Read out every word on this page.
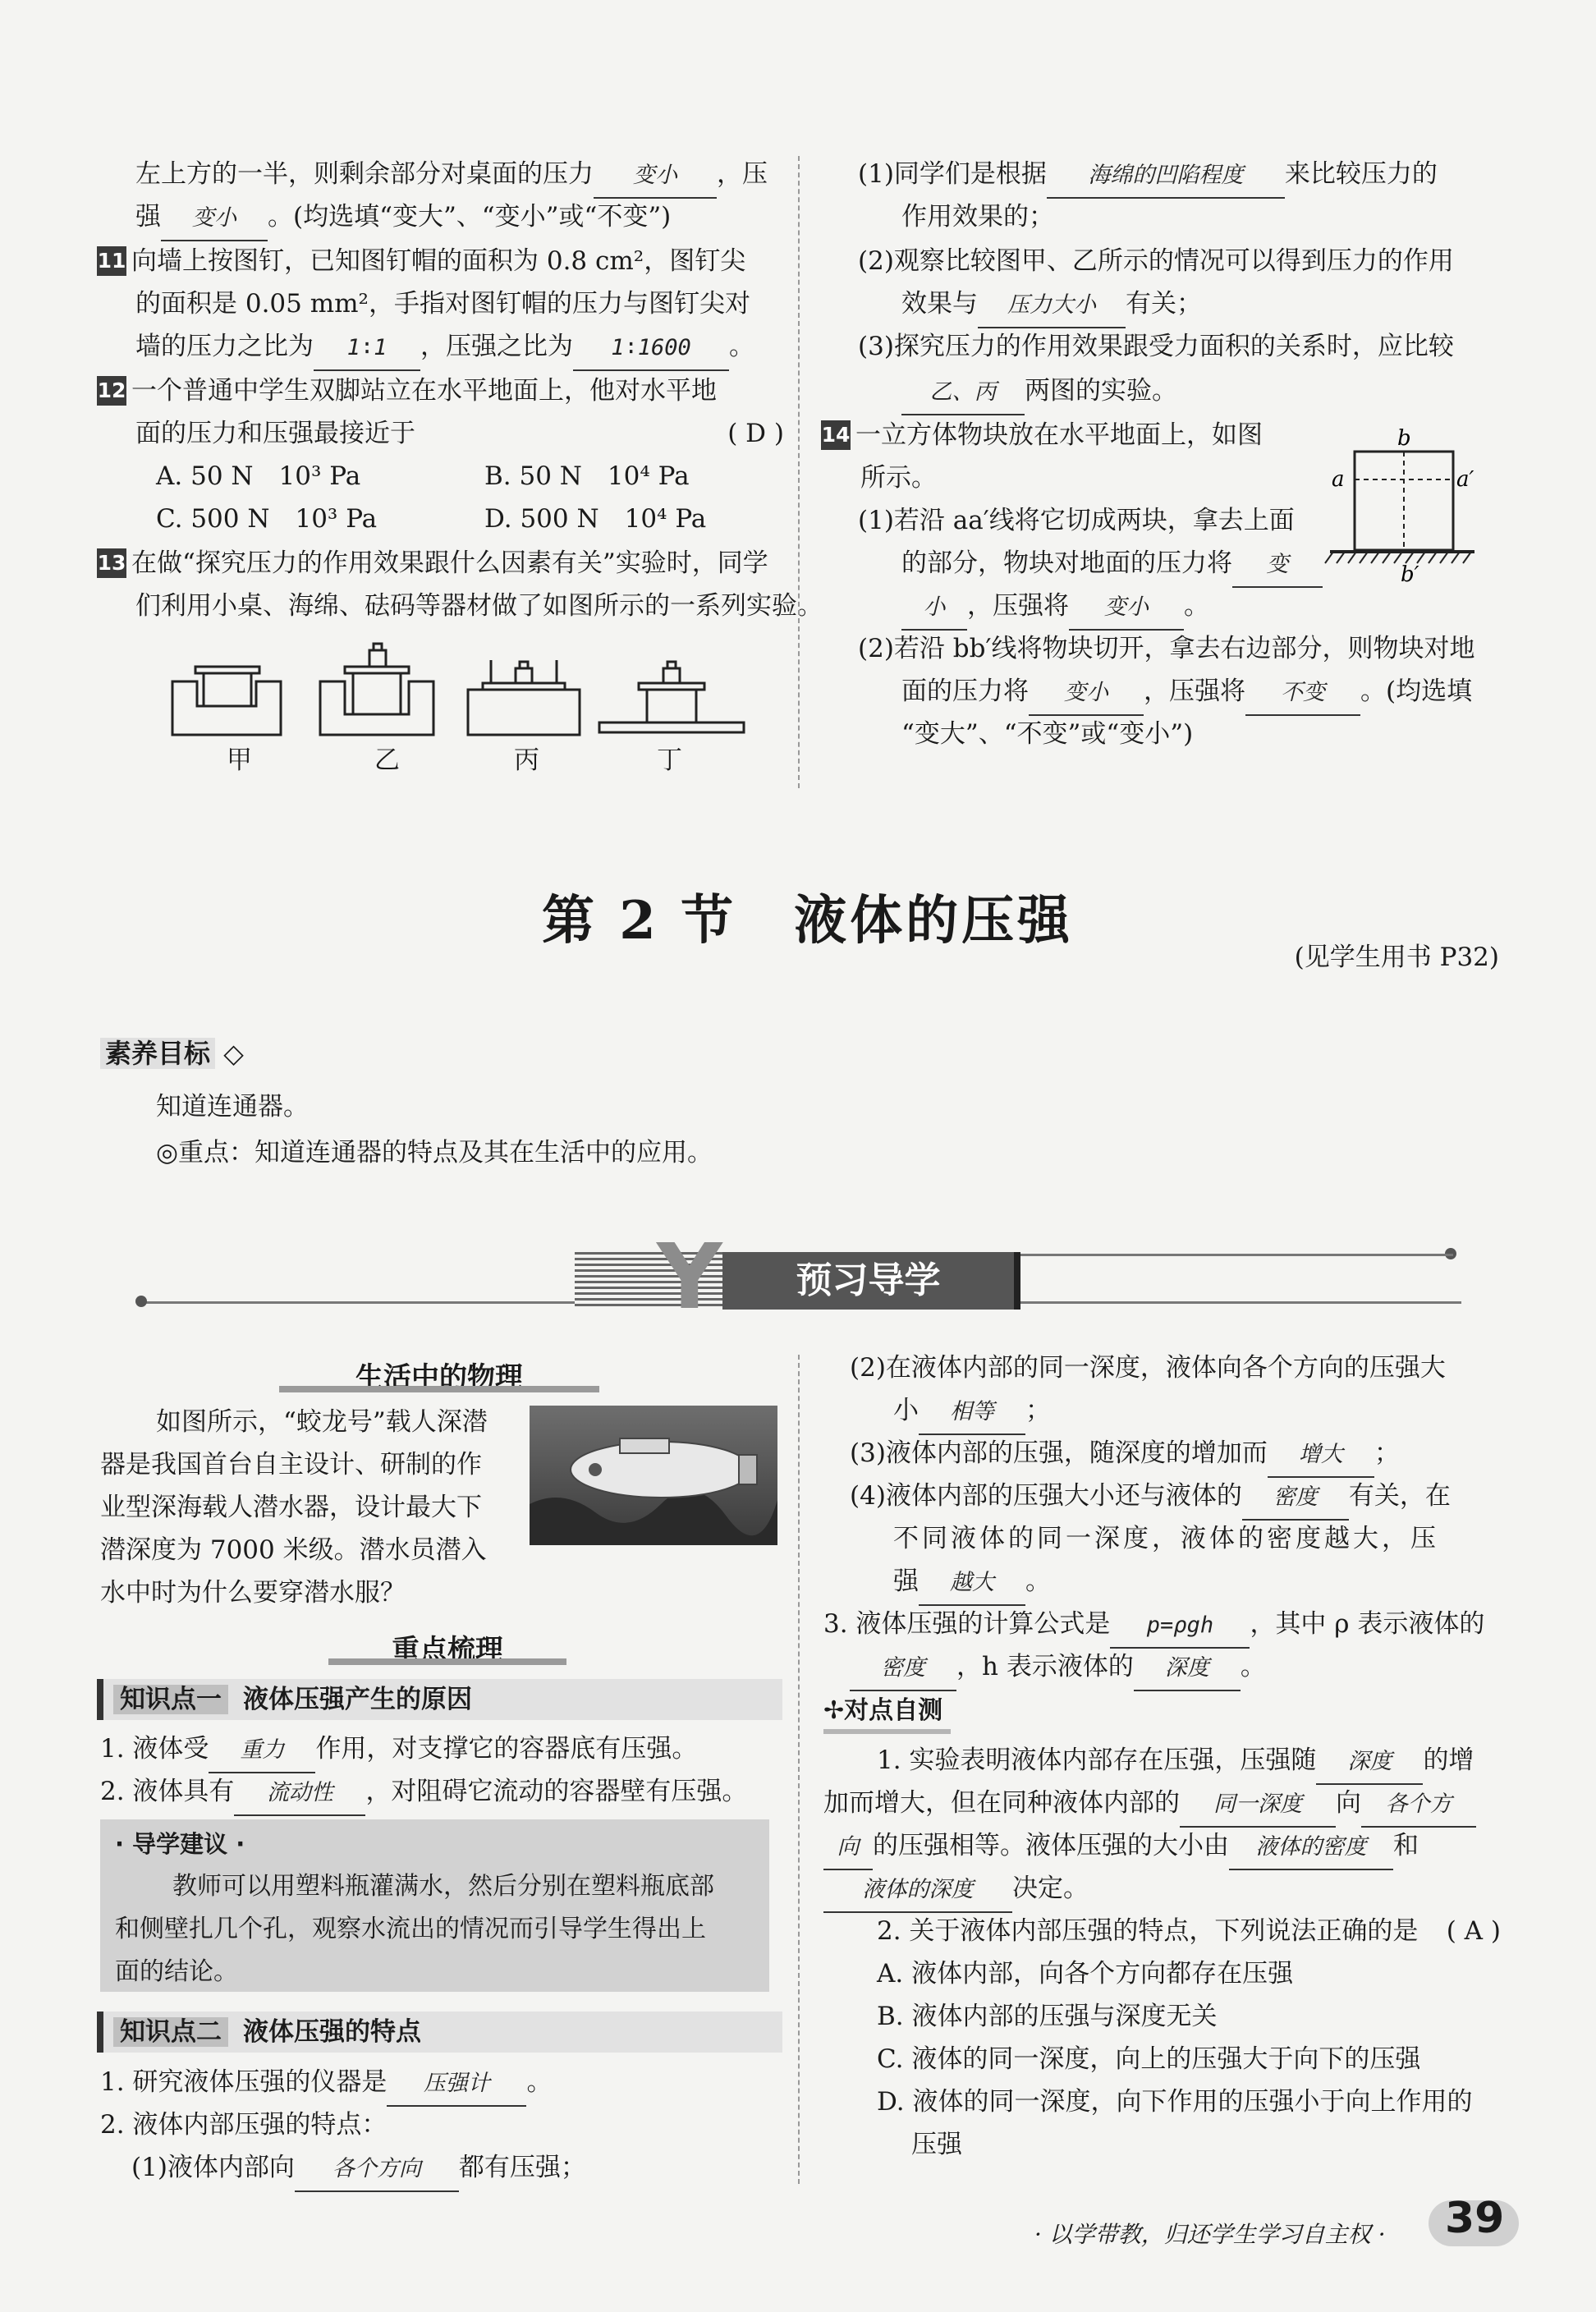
左上方的一半，则剩余部分对桌面的压力 变小 ，压
强 变小 。(均选填“变大”、“变小”或“不变”)
11 向墙上按图钉，已知图钉帽的面积为 0.8 cm²，图钉尖
的面积是 0.05 mm²，手指对图钉帽的压力与图钉尖对
墙的压力之比为 1∶1 ，压强之比为 1∶1600 。
12 一个普通中学生双脚站立在水平地面上，他对水平地
面的压力和压强最接近于	( D )
A. 50 N　10³ Pa	B. 50 N　10⁴ Pa
C. 500 N　10³ Pa	D. 500 N　10⁴ Pa
13 在做“探究压力的作用效果跟什么因素有关”实验时，同学
们利用小桌、海绵、砝码等器材做了如图所示的一系列实验。
甲	乙	丙	丁
(1)同学们是根据 海绵的凹陷程度 来比较压力的
作用效果的；
(2)观察比较图甲、乙所示的情况可以得到压力的作用
效果与 压力大小 有关；
(3)探究压力的作用效果跟受力面积的关系时，应比较
乙、丙 两图的实验。
14 一立方体物块放在水平地面上，如图
所示。	a	a′
b
b′
(1)若沿 aa′线将它切成两块，拿去上面
的部分，物块对地面的压力将 变
小 ，压强将 变小 。
(2)若沿 bb′线将物块切开，拿去右边部分，则物块对地
面的压力将 变小 ，压强将 不变 。(均选填
“变大”、“不变”或“变小”)
第 2 节 液体的压强
(见学生用书 P32)
素养目标 ◇
知道连通器。
◎重点：知道连通器的特点及其在生活中的应用。
Y	预习导学
生活中的物理
如图所示，“蛟龙号”载人深潜
器是我国首台自主设计、研制的作
业型深海载人潜水器，设计最大下
潜深度为 7000 米级。潜水员潜入
水中时为什么要穿潜水服？
重点梳理
知识点一 液体压强产生的原因
1. 液体受 重力 作用，对支撑它的容器底有压强。
2. 液体具有 流动性 ，对阻碍它流动的容器壁有压强。
· 导学建议 ·
教师可以用塑料瓶灌满水，然后分别在塑料瓶底部
和侧壁扎几个孔，观察水流出的情况而引导学生得出上
面的结论。
知识点二 液体压强的特点
1. 研究液体压强的仪器是 压强计 。
2. 液体内部压强的特点：
(1)液体内部向 各个方向 都有压强；
(2)在液体内部的同一深度，液体向各个方向的压强大
小 相等 ；
(3)液体内部的压强，随深度的增加而 增大 ；
(4)液体内部的压强大小还与液体的 密度 有关，在
不同液体的同一深度，液体的密度越大，压
强 越大 。
3. 液体压强的计算公式是 p=ρgh ，其中 ρ 表示液体的
密度 ，h 表示液体的 深度 。
✢对点自测
1. 实验表明液体内部存在压强，压强随 深度 的增
加而增大，但在同种液体内部的 同一深度 向 各个方
向 的压强相等。液体压强的大小由 液体的密度 和
液体的深度 决定。
2. 关于液体内部压强的特点，下列说法正确的是 ( A )
A. 液体内部，向各个方向都存在压强
B. 液体内部的压强与深度无关
C. 液体的同一深度，向上的压强大于向下的压强
D. 液体的同一深度，向下作用的压强小于向上作用的
压强
· 以学带教，归还学生学习自主权 · 39
